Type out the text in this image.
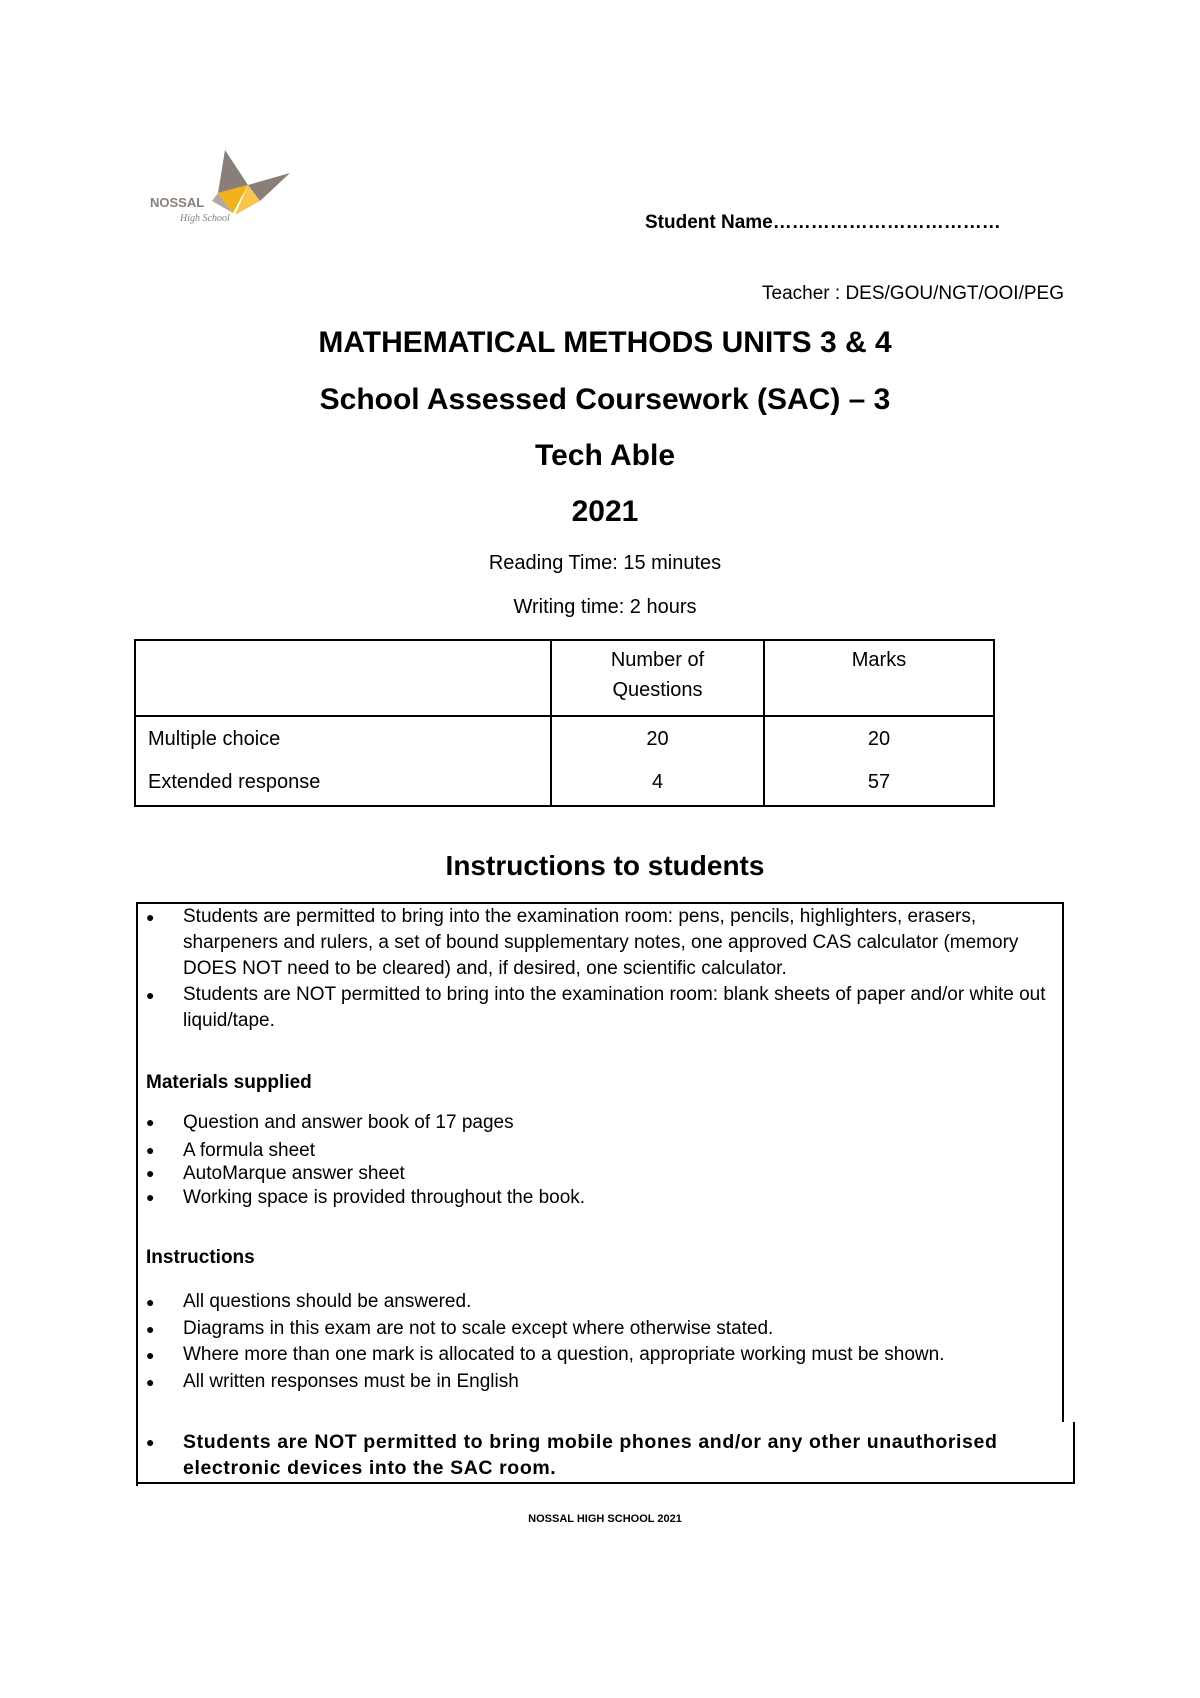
NOSSAL
High School	Student Name………………………………
Teacher : DES/GOU/NGT/OOI/PEG
MATHEMATICAL METHODS UNITS 3 & 4
School Assessed Coursework (SAC) – 3
Tech Able
2021
Reading Time: 15 minutes
Writing time: 2 hours
	Number of Questions	Marks
Multiple choice	20	20
Extended response	4	57
Instructions to students
● Students are permitted to bring into the examination room: pens, pencils, highlighters, erasers, sharpeners and rulers, a set of bound supplementary notes, one approved CAS calculator (memory DOES NOT need to be cleared) and, if desired, one scientific calculator.
● Students are NOT permitted to bring into the examination room: blank sheets of paper and/or white out liquid/tape.
Materials supplied
● Question and answer book of 17 pages
● A formula sheet
● AutoMarque answer sheet
● Working space is provided throughout the book.
Instructions
● All questions should be answered.
● Diagrams in this exam are not to scale except where otherwise stated.
● Where more than one mark is allocated to a question, appropriate working must be shown.
● All written responses must be in English
● Students are NOT permitted to bring mobile phones and/or any other unauthorised electronic devices into the SAC room.
NOSSAL HIGH SCHOOL 2021
